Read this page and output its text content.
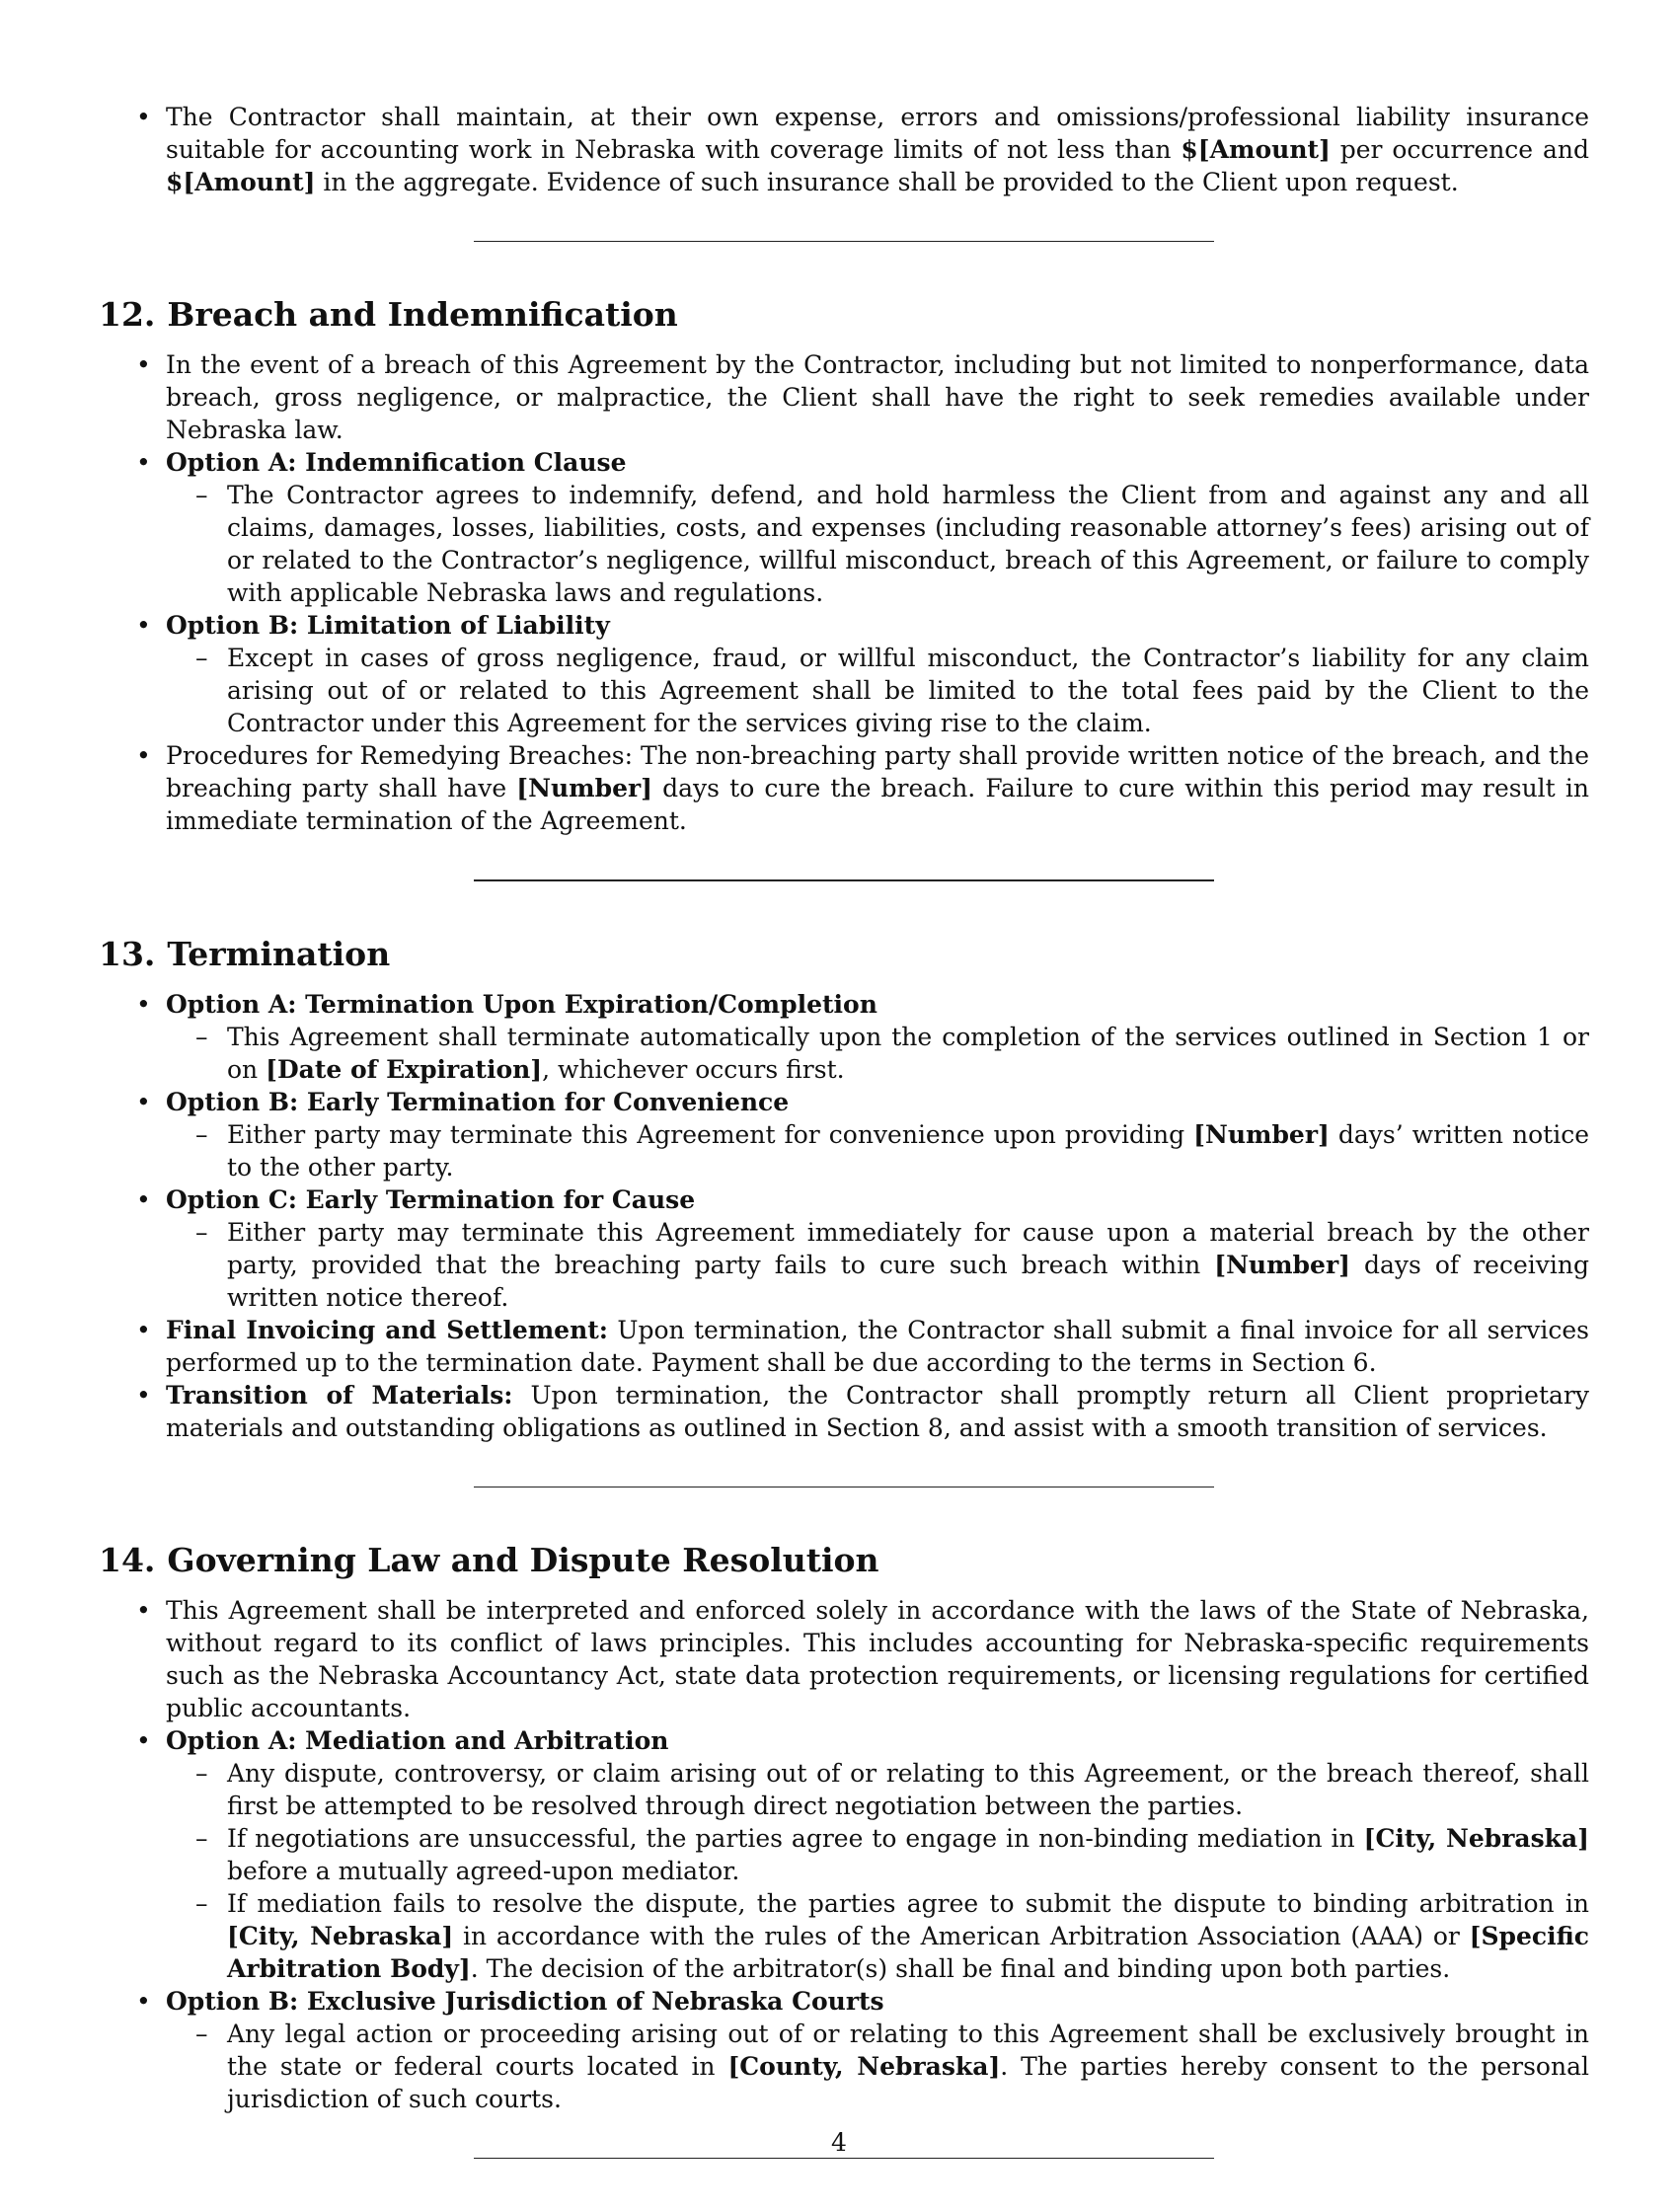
• The Contractor shall maintain, at their own expense, errors and omissions/professional liability insurance suitable for accounting work in Nebraska with coverage limits of not less than $[Amount] per occurrence and $[Amount] in the aggregate. Evidence of such insurance shall be provided to the Client upon request.
12. Breach and Indemnification
• In the event of a breach of this Agreement by the Contractor, including but not limited to nonperformance, data breach, gross negligence, or malpractice, the Client shall have the right to seek remedies available under Nebraska law.
• Option A: Indemnification Clause
– The Contractor agrees to indemnify, defend, and hold harmless the Client from and against any and all claims, damages, losses, liabilities, costs, and expenses (including reasonable attorney’s fees) arising out of or related to the Contractor’s negligence, willful misconduct, breach of this Agreement, or failure to comply with applicable Nebraska laws and regulations.
• Option B: Limitation of Liability
– Except in cases of gross negligence, fraud, or willful misconduct, the Contractor’s liability for any claim arising out of or related to this Agreement shall be limited to the total fees paid by the Client to the Contractor under this Agreement for the services giving rise to the claim.
• Procedures for Remedying Breaches: The non-breaching party shall provide written notice of the breach, and the breaching party shall have [Number] days to cure the breach. Failure to cure within this period may result in immediate termination of the Agreement.
13. Termination
• Option A: Termination Upon Expiration/Completion
– This Agreement shall terminate automatically upon the completion of the services outlined in Section 1 or on [Date of Expiration], whichever occurs first.
• Option B: Early Termination for Convenience
– Either party may terminate this Agreement for convenience upon providing [Number] days’ written notice to the other party.
• Option C: Early Termination for Cause
– Either party may terminate this Agreement immediately for cause upon a material breach by the other party, provided that the breaching party fails to cure such breach within [Number] days of receiving written notice thereof.
• Final Invoicing and Settlement: Upon termination, the Contractor shall submit a final invoice for all services performed up to the termination date. Payment shall be due according to the terms in Section 6.
• Transition of Materials: Upon termination, the Contractor shall promptly return all Client proprietary materials and outstanding obligations as outlined in Section 8, and assist with a smooth transition of services.
14. Governing Law and Dispute Resolution
• This Agreement shall be interpreted and enforced solely in accordance with the laws of the State of Nebraska, without regard to its conflict of laws principles. This includes accounting for Nebraska-specific requirements such as the Nebraska Accountancy Act, state data protection requirements, or licensing regulations for certified public accountants.
• Option A: Mediation and Arbitration
– Any dispute, controversy, or claim arising out of or relating to this Agreement, or the breach thereof, shall first be attempted to be resolved through direct negotiation between the parties.
– If negotiations are unsuccessful, the parties agree to engage in non-binding mediation in [City, Nebraska] before a mutually agreed-upon mediator.
– If mediation fails to resolve the dispute, the parties agree to submit the dispute to binding arbitration in [City, Nebraska] in accordance with the rules of the American Arbitration Association (AAA) or [Specific Arbitration Body]. The decision of the arbitrator(s) shall be final and binding upon both parties.
• Option B: Exclusive Jurisdiction of Nebraska Courts
– Any legal action or proceeding arising out of or relating to this Agreement shall be exclusively brought in the state or federal courts located in [County, Nebraska]. The parties hereby consent to the personal jurisdiction of such courts.
4
